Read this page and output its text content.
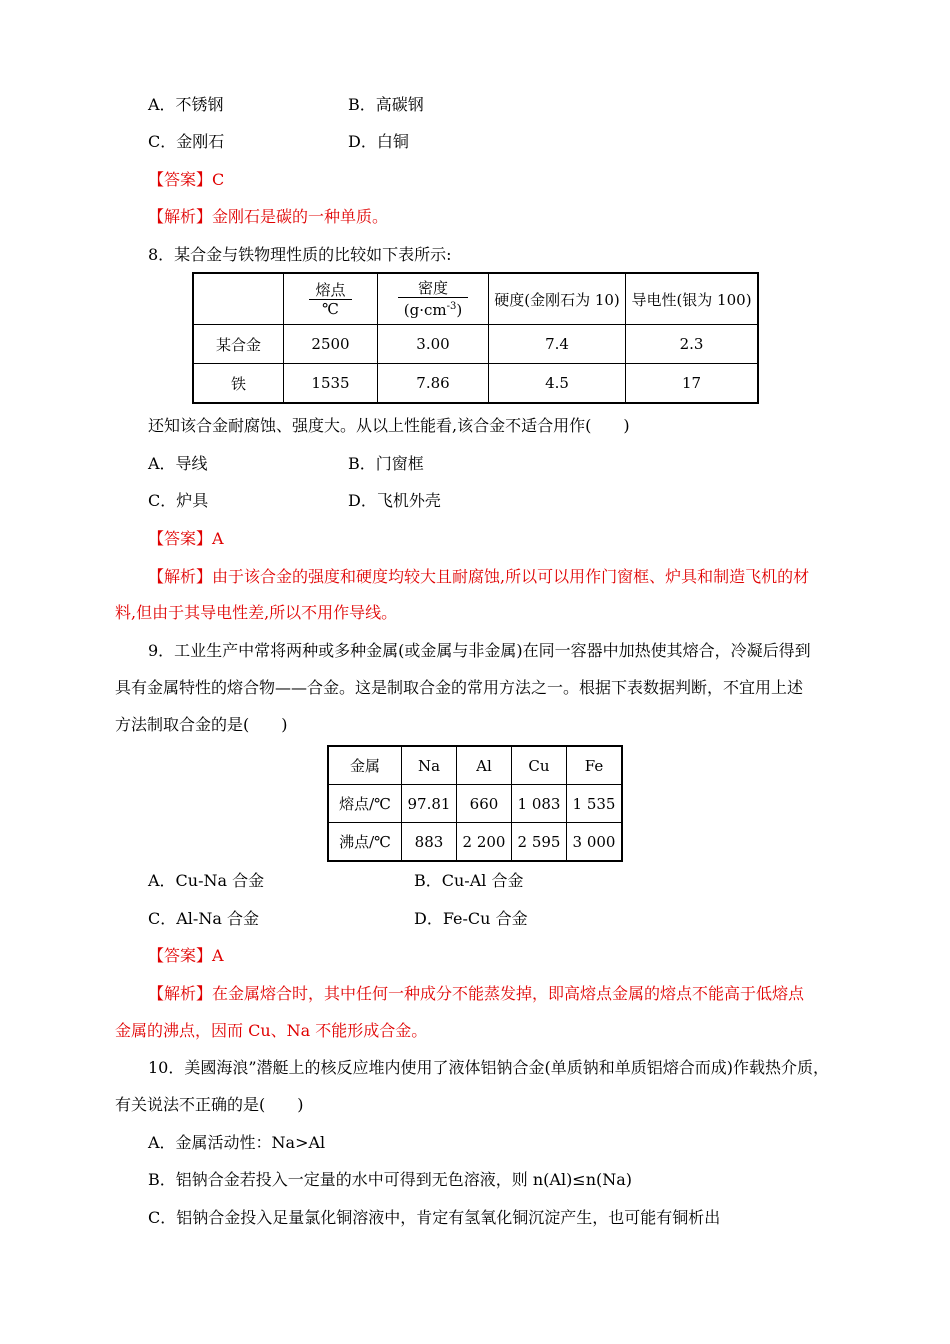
A．不锈钢	B．高碳钢
C．金刚石	D．白铜
【答案】C
【解析】金刚石是碳的一种单质。
8．某合金与铁物理性质的比较如下表所示:

	$\frac{\text{熔点}}{℃}$	$\frac{\text{密度}}{(g\cdot cm^{-3})}$	硬度(金刚石为 10)	导电性(银为 100)
某合金	2500	3.00	7.4	2.3
铁	1535	7.86	4.5	17
还知该合金耐腐蚀、强度大。从以上性能看,该合金不适合用作(　　)
A．导线	B．门窗框
C．炉具	D．飞机外壳
【答案】A
【解析】由于该合金的强度和硬度均较大且耐腐蚀,所以可以用作门窗框、炉具和制造飞机的材
料,但由于其导电性差,所以不用作导线。
9．工业生产中常将两种或多种金属(或金属与非金属)在同一容器中加热使其熔合，冷凝后得到
具有金属特性的熔合物——合金。这是制取合金的常用方法之一。根据下表数据判断，不宜用上述
方法制取合金的是(　　)
金属	Na	Al	Cu	Fe
熔点/℃	97.81	660	1 083	1 535
沸点/℃	883	2 200	2 595	3 000
A．Cu-Na 合金	B．Cu-Al 合金
C．Al-Na 合金	D．Fe-Cu 合金
【答案】A
【解析】在金属熔合时，其中任何一种成分不能蒸发掉，即高熔点金属的熔点不能高于低熔点
金属的沸点，因而 Cu、Na 不能形成合金。
10．美國海浪”潜艇上的核反应堆内使用了液体铝钠合金(单质钠和单质铝熔合而成)作载热介质，
有关说法不正确的是(　　)
A．金属活动性：Na>Al
B．铝钠合金若投入一定量的水中可得到无色溶液，则 n(Al)≤n(Na)
C．铝钠合金投入足量氯化铜溶液中，肯定有氢氧化铜沉淀产生，也可能有铜析出
